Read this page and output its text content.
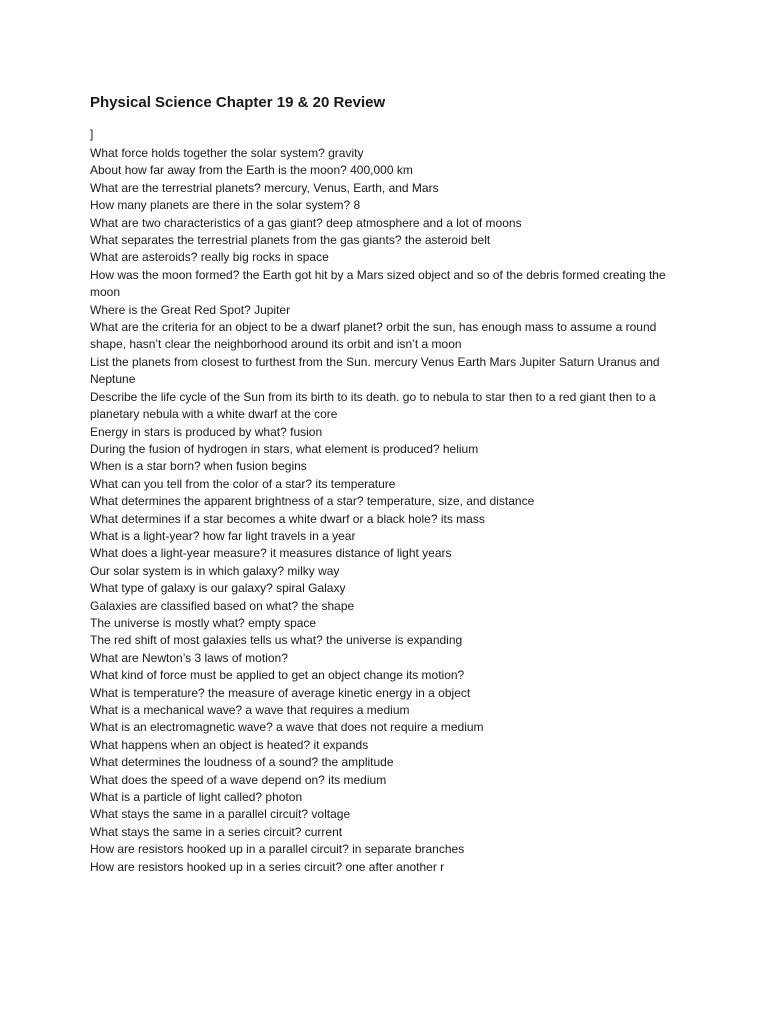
Physical Science Chapter 19 & 20 Review
]
What force holds together the solar system? gravity
About how far away from the Earth is the moon? 400,000 km
What are the terrestrial planets? mercury, Venus, Earth, and Mars
How many planets are there in the solar system? 8
What are two characteristics of a gas giant? deep atmosphere and a lot of moons
What separates the terrestrial planets from the gas giants? the asteroid belt
What are asteroids? really big rocks in space
How was the moon formed? the Earth got hit by a Mars sized object and so of the debris formed creating the moon
Where is the Great Red Spot? Jupiter
What are the criteria for an object to be a dwarf planet? orbit the sun, has enough mass to assume a round shape, hasn’t clear the neighborhood around its orbit and isn’t a moon
List the planets from closest to furthest from the Sun. mercury Venus Earth Mars Jupiter Saturn Uranus and Neptune
Describe the life cycle of the Sun from its birth to its death. go to nebula to star then to a red giant then to a planetary nebula with a white dwarf at the core
Energy in stars is produced by what? fusion
During the fusion of hydrogen in stars, what element is produced? helium
When is a star born? when fusion begins
What can you tell from the color of a star? its temperature
What determines the apparent brightness of a star? temperature, size, and distance
What determines if a star becomes a white dwarf or a black hole? its mass
What is a light-year? how far light travels in a year
What does a light-year measure? it measures distance of light years
Our solar system is in which galaxy? milky way
What type of galaxy is our galaxy? spiral Galaxy
Galaxies are classified based on what? the shape
The universe is mostly what? empty space
The red shift of most galaxies tells us what? the universe is expanding
What are Newton’s 3 laws of motion?
What kind of force must be applied to get an object change its motion?
What is temperature? the measure of average kinetic energy in a object
What is a mechanical wave? a wave that requires a medium
What is an electromagnetic wave? a wave that does not require a medium
What happens when an object is heated? it expands
What determines the loudness of a sound? the amplitude
What does the speed of a wave depend on? its medium
What is a particle of light called? photon
What stays the same in a parallel circuit? voltage
What stays the same in a series circuit? current
How are resistors hooked up in a parallel circuit? in separate branches
How are resistors hooked up in a series circuit? one after another r
